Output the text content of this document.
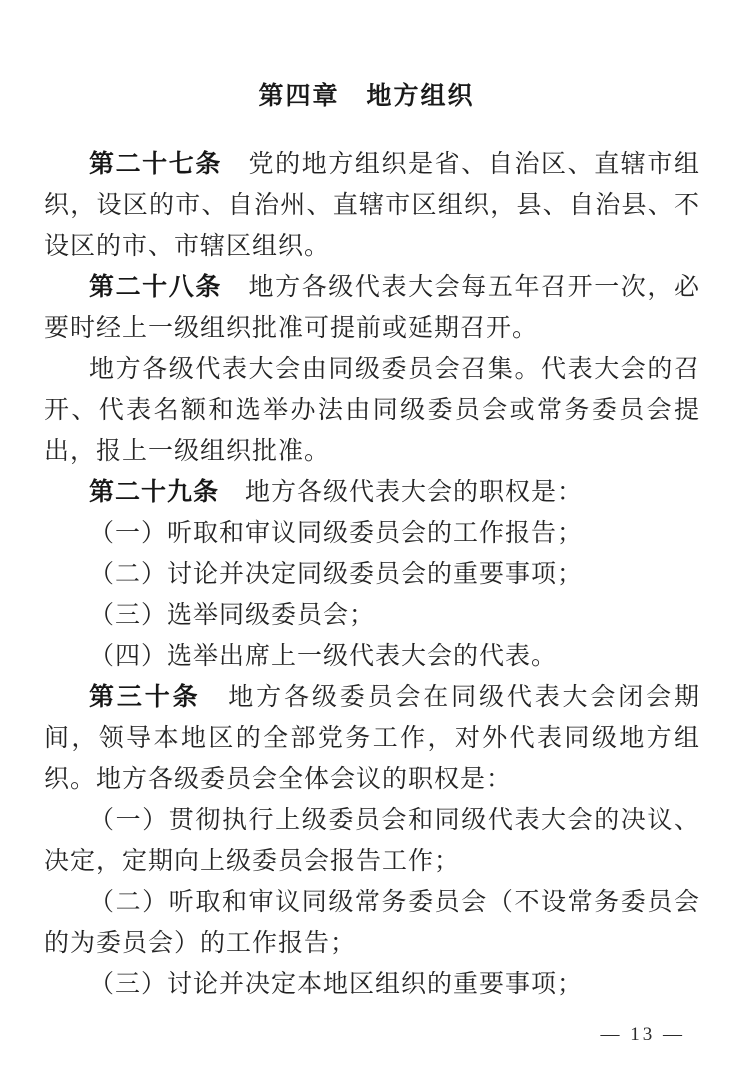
第四章　地方组织

第二十七条　党的地方组织是省、自治区、直辖市组织，设区的市、自治州、直辖市区组织，县、自治县、不设区的市、市辖区组织。

第二十八条　地方各级代表大会每五年召开一次，必要时经上一级组织批准可提前或延期召开。

地方各级代表大会由同级委员会召集。代表大会的召开、代表名额和选举办法由同级委员会或常务委员会提出，报上一级组织批准。

第二十九条　地方各级代表大会的职权是：

（一）听取和审议同级委员会的工作报告；

（二）讨论并决定同级委员会的重要事项；

（三）选举同级委员会；

（四）选举出席上一级代表大会的代表。

第三十条　地方各级委员会在同级代表大会闭会期间，领导本地区的全部党务工作，对外代表同级地方组织。地方各级委员会全体会议的职权是：

（一）贯彻执行上级委员会和同级代表大会的决议、决定，定期向上级委员会报告工作；

（二）听取和审议同级常务委员会（不设常务委员会的为委员会）的工作报告；

（三）讨论并决定本地区组织的重要事项；

— 13 —
